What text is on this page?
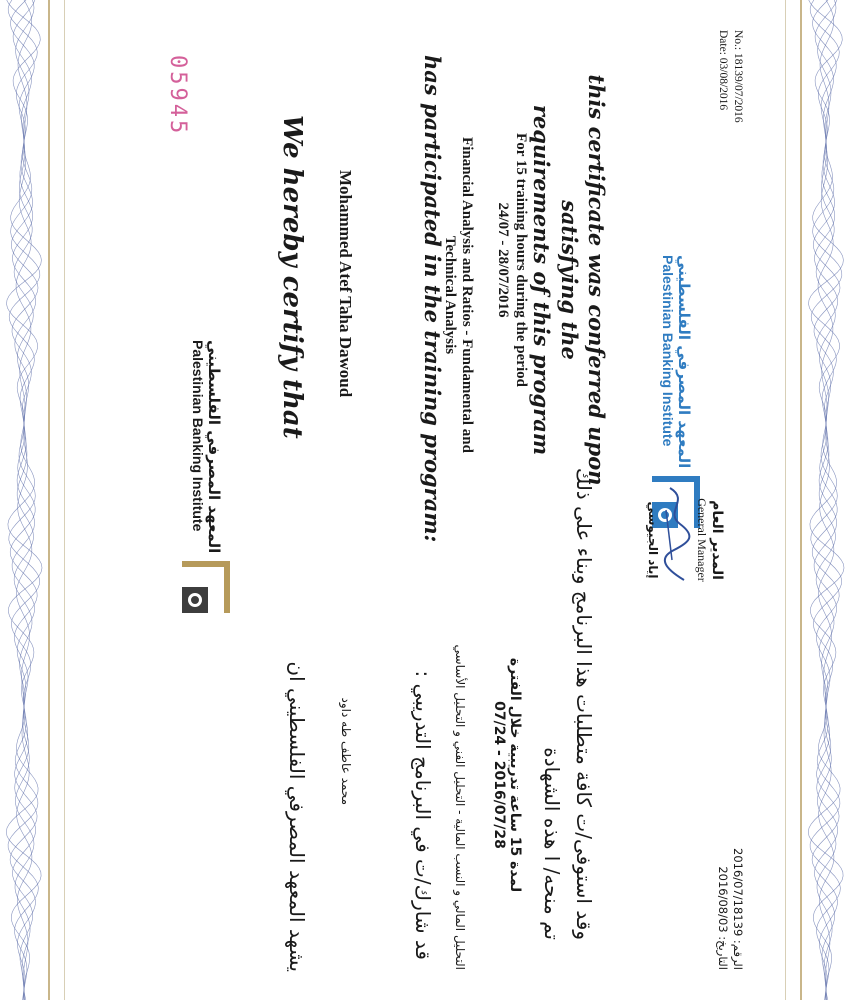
05945
المعهد المصرفي الفلسطيني
Palestinian Banking Institute	We hereby certify that Mohammed Atef Taha Dawoud	has participated in the training program: Financial Analysis and Ratios - Fundamental and
Technical Analysis	For 15 training hours during the period
24/07 - 28/07/2016	this certificate was conferred upon satisfying the
requirements of this program
No.: 18139/07/2016
Date: 03/08/2016
المعهد المصرفي الفلسطيني
Palestinian Banking Institute
المدير العام
General Manager
إياد الجيوسي
يشهد المعهد المصرفي الفلسطيني ان	محمد عاطف طه داود	قد شارك/ت في البرنامج التدريبي : التحليل المالي و النسب المالية - التحليل الفني و التحليل الأساسي	لمدة 15 ساعة تدريبية خلال الفترة
2016/07/28 - 07/24	وقد استوفى/ت كافة متطلبات هذا البرنامج وبناء على ذلك
تم منحه/ ا هذه الشهادة	الرقم: 2016/07/18139
التاريخ: 2016/08/03
